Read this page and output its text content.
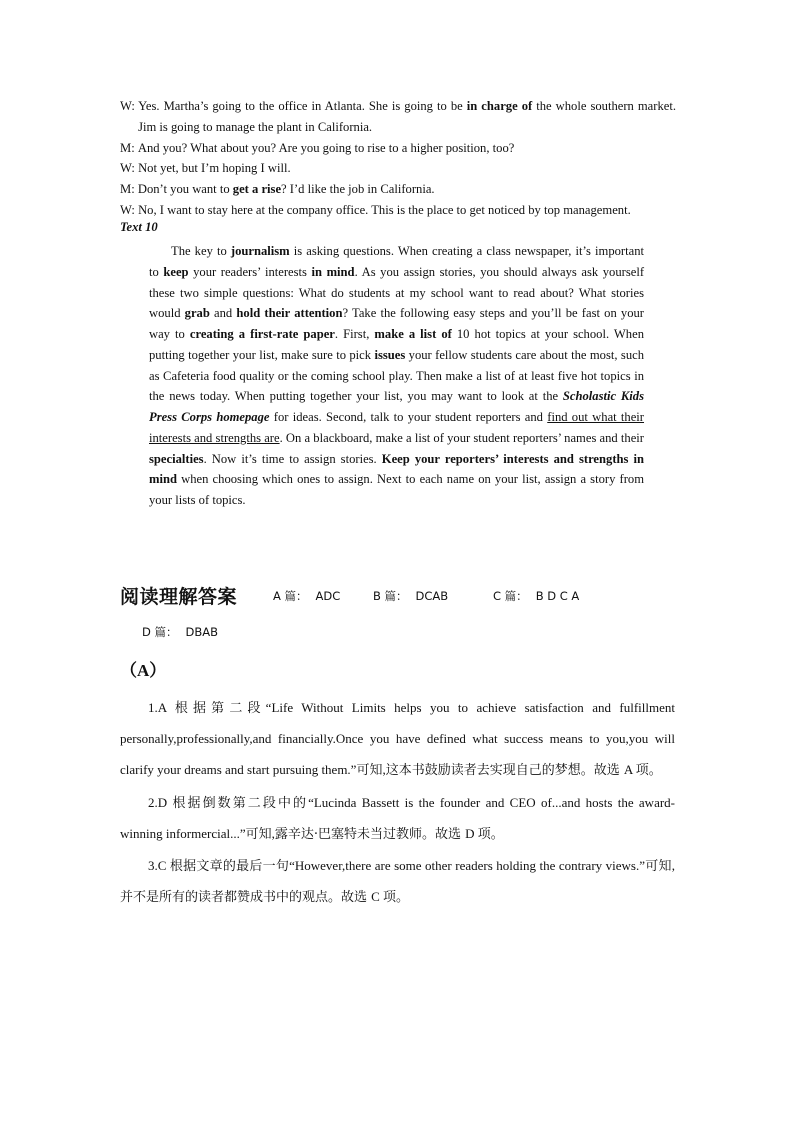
W: Yes. Martha’s going to the office in Atlanta. She is going to be in charge of the whole southern market. Jim is going to manage the plant in California.
M: And you? What about you? Are you going to rise to a higher position, too?
W: Not yet, but I’m hoping I will.
M: Don’t you want to get a rise? I’d like the job in California.
W: No, I want to stay here at the company office. This is the place to get noticed by top management.
Text 10

The key to journalism is asking questions. When creating a class newspaper, it’s important to keep your readers’ interests in mind. As you assign stories, you should always ask yourself these two simple questions: What do students at my school want to read about? What stories would grab and hold their attention? Take the following easy steps and you’ll be fast on your way to creating a first-rate paper. First, make a list of 10 hot topics at your school. When putting together your list, make sure to pick issues your fellow students care about the most, such as Cafeteria food quality or the coming school play. Then make a list of at least five hot topics in the news today. When putting together your list, you may want to look at the Scholastic Kids Press Corps homepage for ideas. Second, talk to your student reporters and find out what their interests and strengths are. On a blackboard, make a list of your student reporters’ names and their specialties. Now it’s time to assign stories. Keep your reporters’ interests and strengths in mind when choosing which ones to assign. Next to each name on your list, assign a story from your lists of topics.

阅读理解答案	A 篇： ADC	B 篇： DCAB	C 篇： B D C A
D 篇： DBAB
（A）

1.A 根据第二段“Life Without Limits helps you to achieve satisfaction and fulfillment personally,professionally,and financially.Once you have defined what success means to you,you will clarify your dreams and start pursuing them.”可知,这本书鼓励读者去实现自己的梦想。故选 A 项。

2.D 根据倒数第二段中的“Lucinda Bassett is the founder and CEO of...and hosts the award-winning informercial...”可知,露辛达·巴塞特未当过教师。故选 D 项。

3.C 根据文章的最后一句“However,there are some other readers holding the contrary views.”可知,并不是所有的读者都赞成书中的观点。故选 C 项。
